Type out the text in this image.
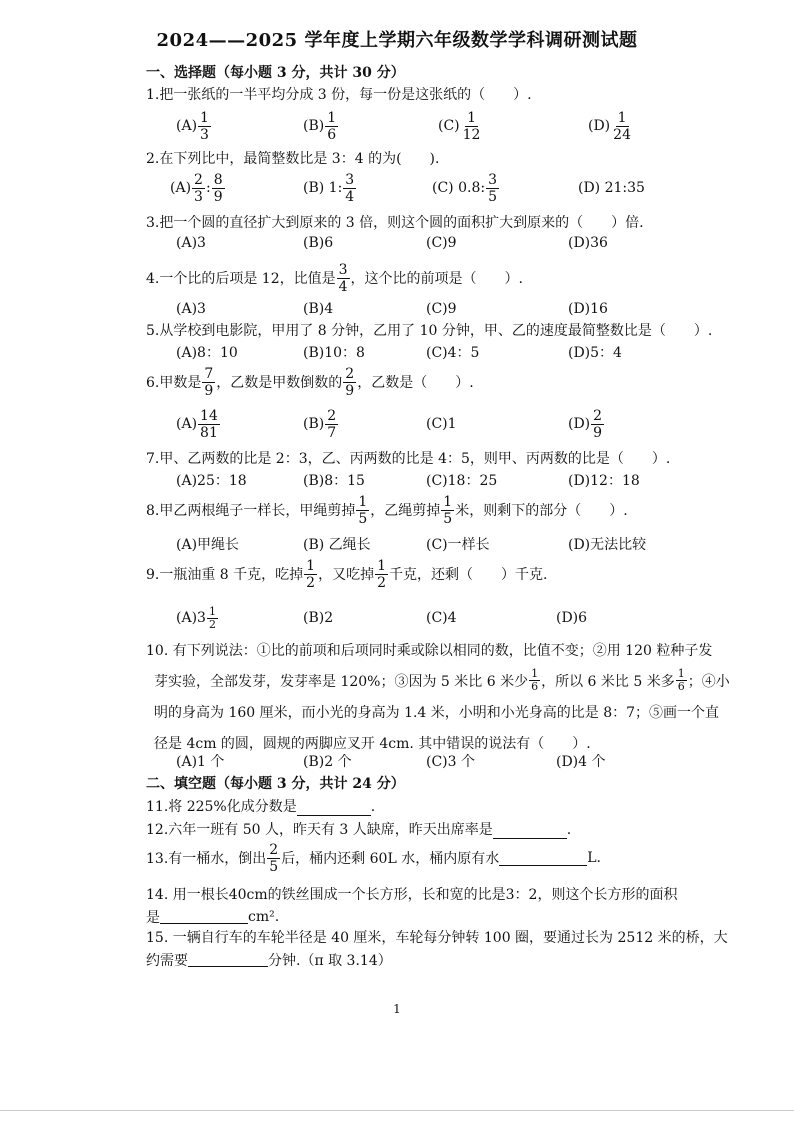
2024——2025 学年度上学期六年级数学学科调研测试题
一、选择题（每小题 3 分，共计 30 分）
1.把一张纸的一半平均分成 3 份，每一份是这张纸的（　　）.
$(A) \frac{1}{3}$	$(B) \frac{1}{6}$	$(C) \frac{1}{12}$	$(D) \frac{1}{24}$
2.在下列比中，最简整数比是 3：4 的为(　　).
$(A) \frac{2}{3}$ : $\frac{8}{9}$	(B) 1: $\frac{3}{4}$	(C) 0.8: $\frac{3}{5}$	(D) 21:35
3.把一个圆的直径扩大到原来的 3 倍，则这个圆的面积扩大到原来的（　　）倍.
(A)3	(B)6	(C)9	(D)36
4.一个比的后项是 12，比值是 $\frac{3}{4}$ ，这个比的前项是（　　）.
(A)3	(B)4	(C)9	(D)16
5.从学校到电影院，甲用了 8 分钟，乙用了 10 分钟，甲、乙的速度最简整数比是（　　）.
(A)8：10	(B)10：8	(C)4：5	(D)5：4
6.甲数是 $\frac{7}{9}$ ，乙数是甲数倒数的 $\frac{2}{9}$ ，乙数是（　　）.
$(A) \frac{14}{81}$	$(B) \frac{2}{7}$	(C)1	$(D) \frac{2}{9}$
7.甲、乙两数的比是 2：3，乙、丙两数的比是 4：5，则甲、丙两数的比是（　　）.
(A)25：18	(B)8：15	(C)18：25	(D)12：18
8.甲乙两根绳子一样长，甲绳剪掉 $\frac{1}{5}$ ，乙绳剪掉 $\frac{1}{5}$ 米，则剩下的部分（　　）.
(A)甲绳长	(B) 乙绳长	(C)一样长	(D)无法比较
9.一瓶油重 8 千克，吃掉 $\frac{1}{2}$ ，又吃掉 $\frac{1}{2}$ 千克，还剩（　　）千克.
$(A)3 \frac{1}{2}$	(B)2	(C)4	(D)6
10. 有下列说法：①比的前项和后项同时乘或除以相同的数，比值不变；②用 120 粒种子发
芽实验，全部发芽，发芽率是 120%；③因为 5 米比 6 米少 $\frac{1}{6}$ ，所以 6 米比 5 米多 $\frac{1}{6}$ ；④小
明的身高为 160 厘米，而小光的身高为 1.4 米，小明和小光身高的比是 8：7；⑤画一个直
径是 4cm 的圆，圆规的两脚应叉开 4cm. 其中错误的说法有（　　）.
(A)1 个	(B)2 个	(C)3 个	(D)4 个
二、填空题（每小题 3 分，共计 24 分）
11.将 225%化成分数是	.
12.六年一班有 50 人，昨天有 3 人缺席，昨天出席率是	.
13.有一桶水，倒出 $\frac{2}{5}$ 后，桶内还剩 60L 水，桶内原有水	L.
14. 用一根长40cm的铁丝围成一个长方形，长和宽的比是3：2，则这个长方形的面积
是	cm².
15. 一辆自行车的车轮半径是 40 厘米，车轮每分钟转 100 圈，要通过长为 2512 米的桥，大
约需要	分钟.（π 取 3.14）
1
